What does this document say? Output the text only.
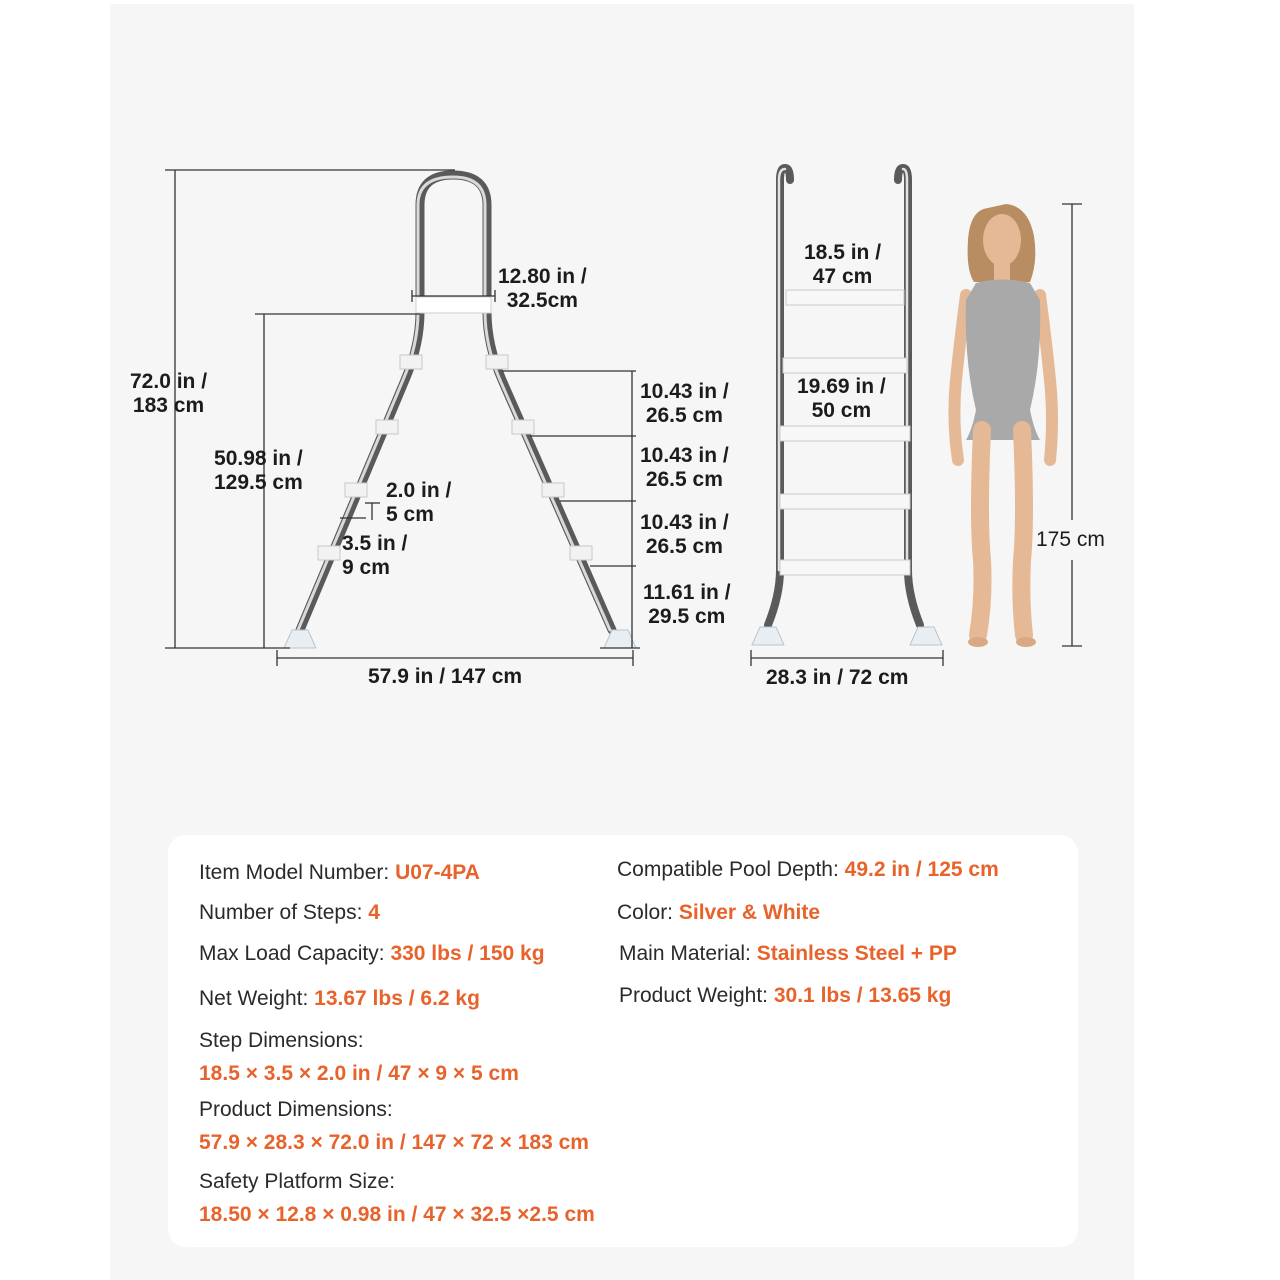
72.0 in /
183 cm
50.98 in /
129.5 cm
12.80 in /
32.5cm
2.0 in /
5 cm
3.5 in /
9 cm
10.43 in /
26.5 cm
10.43 in /
26.5 cm
10.43 in /
26.5 cm
11.61 in /
29.5 cm
57.9 in / 147 cm
18.5 in /
47 cm
19.69 in /
50 cm
28.3 in / 72 cm
175 cm
Item Model Number: U07-4PA
Number of Steps: 4
Max Load Capacity: 330 lbs / 150 kg
Net Weight: 13.67 lbs / 6.2 kg
Compatible Pool Depth: 49.2 in / 125 cm
Color: Silver & White
Main Material: Stainless Steel + PP
Product Weight: 30.1 lbs / 13.65 kg
Step Dimensions:
18.5 × 3.5 × 2.0 in / 47 × 9 × 5 cm
Product Dimensions:
57.9 × 28.3 × 72.0 in / 147 × 72 × 183 cm
Safety Platform Size:
18.50 × 12.8 × 0.98 in / 47 × 32.5 ×2.5 cm
